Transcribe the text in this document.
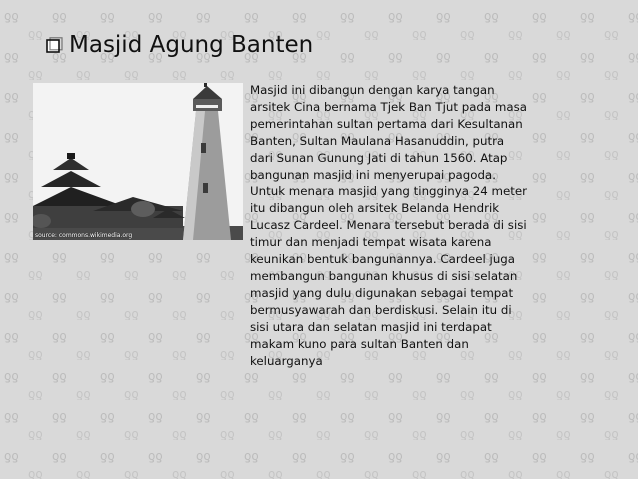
Masjid Agung Banten
source: commons.wikimedia.org
Masjid ini dibangun dengan karya tangan
arsitek Cina bernama Tjek Ban Tjut pada masa
pemerintahan sultan pertama dari Kesultanan
Banten, Sultan Maulana Hasanuddin, putra
dari Sunan Gunung Jati di tahun 1560. Atap
bangunan masjid ini menyerupai pagoda.
Untuk menara masjid yang tingginya 24 meter
itu dibangun oleh arsitek Belanda Hendrik
Lucasz Cardeel. Menara tersebut berada di sisi
timur dan menjadi tempat wisata karena
keunikan bentuk bangunannya. Cardeel juga
membangun bangunan khusus di sisi selatan
masjid yang dulu digunakan sebagai tempat
bermusyawarah dan berdiskusi. Selain itu di
sisi utara dan selatan masjid ini terdapat
makam kuno para sultan Banten dan
keluarganya
